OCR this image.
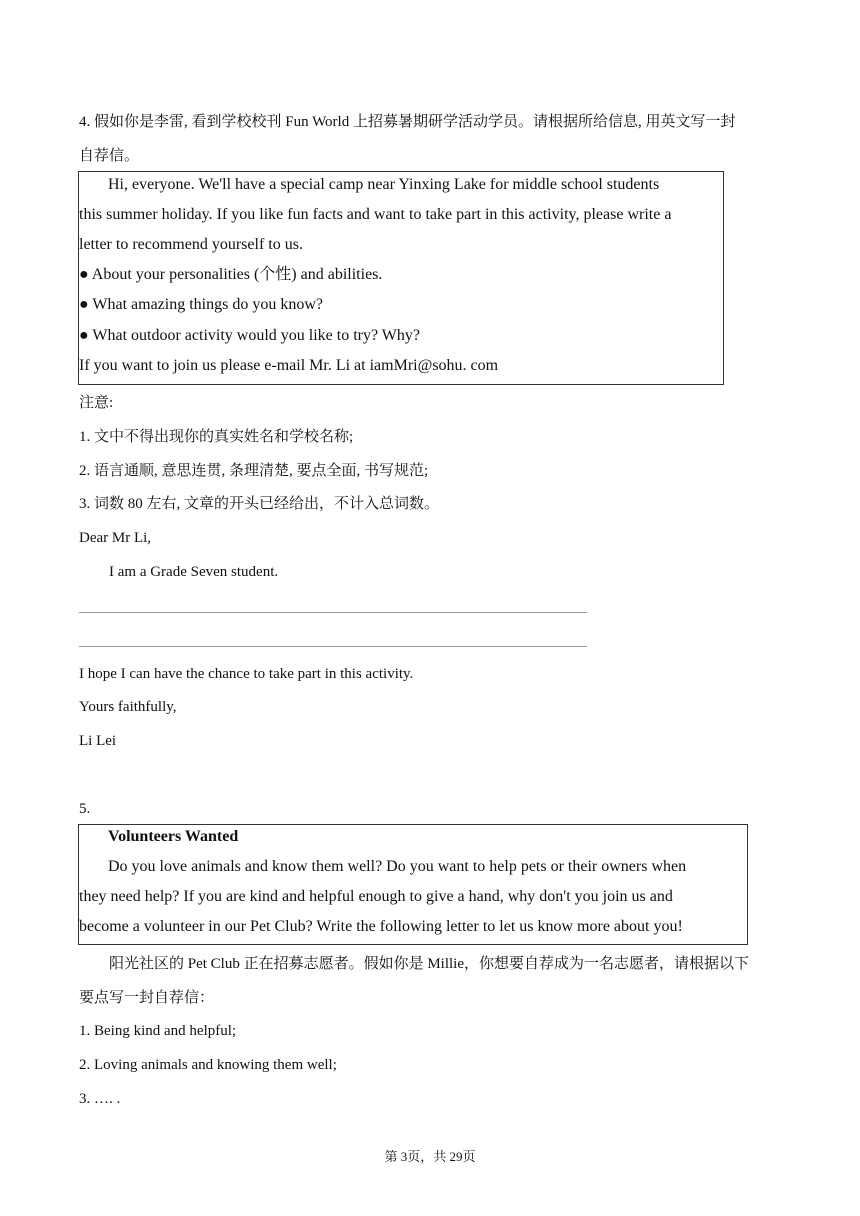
4. 假如你是李雷, 看到学校校刊 Fun World 上招募暑期研学活动学员。请根据所给信息, 用英文写一封
自荐信。
Hi, everyone. We'll have a special camp near Yinxing Lake for middle school students
this summer holiday. If you like fun facts and want to take part in this activity, please write a
letter to recommend yourself to us.
● About your personalities (个性) and abilities.
● What amazing things do you know?
● What outdoor activity would you like to try? Why?
If you want to join us please e-mail Mr. Li at iamMri@sohu. com
注意:
1. 文中不得出现你的真实姓名和学校名称;
2. 语言通顺, 意思连贯, 条理清楚, 要点全面, 书写规范;
3. 词数 80 左右, 文章的开头已经给出，不计入总词数。
Dear Mr Li,
I am a Grade Seven student.
I hope I can have the chance to take part in this activity.
Yours faithfully,
Li Lei
5.
Volunteers Wanted
Do you love animals and know them well? Do you want to help pets or their owners when
they need help? If you are kind and helpful enough to give a hand, why don't you join us and
become a volunteer in our Pet Club? Write the following letter to let us know more about you!
阳光社区的 Pet Club 正在招募志愿者。假如你是 Millie，你想要自荐成为一名志愿者，请根据以下
要点写一封自荐信：
1. Being kind and helpful;
2. Loving animals and knowing them well;
3. …. .
第 3页，共 29页
